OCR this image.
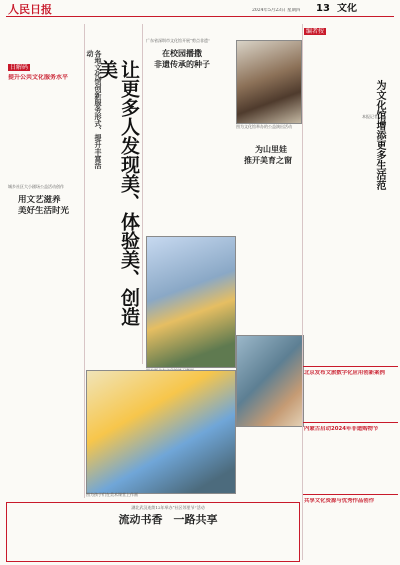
人民日报	2024年5月23日 星期四 13 文化
日解码
提升公共文化服务水平
城乡社区大小剧场公益活动创作
用文艺滋养
美好生活时光
各地文化馆创新服务形式、提升丰富活动
让更多人发现美、体验美、创造美
广东省深圳市文化馆开展“剪点非遗”
在校园播撒
非遗传承的种子
图为文化馆举办的公益演出活动
为山里娃
推开美育之窗
编者按
为文化馆增添更多生活范
本报记者
图为孩子们在美术课堂上作画
北京发布文旅数字化应用创新案例
内蒙古启动2024年非遗购物节
共享文化资源与优秀作品创作
湖北武汉连续12年举办“社区邻里节”活动
流动书香　一路共享
